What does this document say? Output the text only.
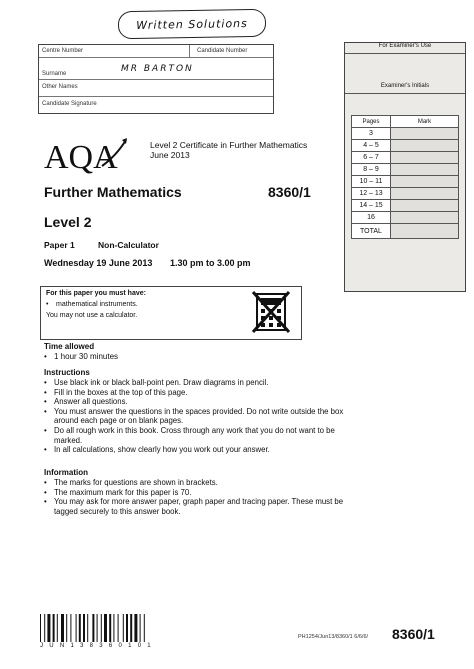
Written Solutions
Centre Number	Candidate Number
Surname	MR BARTON
Other Names
Candidate Signature
For Examiner's Use
Examiner's Initials
Pages	Mark
3	
4 – 5	
6 – 7	
8 – 9	
10 – 11	
12 – 13	
14 – 15	
16	
TOTAL	
AQA	Level 2 Certificate in Further Mathematics
June 2013
Further Mathematics	8360/1
Level 2
Paper 1	Non-Calculator
Wednesday 19 June 2013 1.30 pm to 3.00 pm
For this paper you must have:
• mathematical instruments.
You may not use a calculator.
Time allowed
• 1 hour 30 minutes
Instructions
• Use black ink or black ball-point pen. Draw diagrams in pencil.
• Fill in the boxes at the top of this page.
• Answer all questions.
• You must answer the questions in the spaces provided. Do not write outside the box around each page or on blank pages.
• Do all rough work in this book. Cross through any work that you do not want to be marked.
• In all calculations, show clearly how you work out your answer.
Information
• The marks for questions are shown in brackets.
• The maximum mark for this paper is 70.
• You may ask for more answer paper, graph paper and tracing paper. These must be tagged securely to this answer book.
J U N 1 3 8 3 6 0 1 0 1
PH1254/Jun13/8360/1 6/6/6/ 8360/1
